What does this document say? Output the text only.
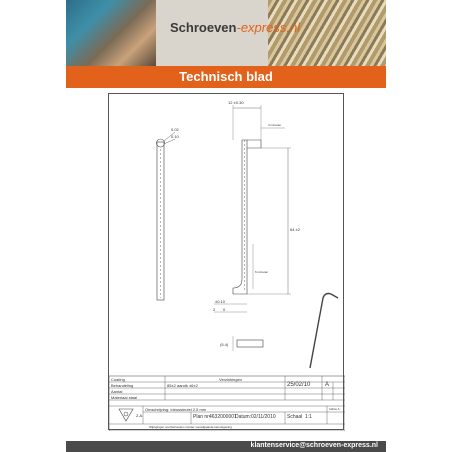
Schroeven-express.nl
Technisch blad
12 ±0.30
4 minuten
64 ±2
6 minuten
±0.10
2 0
(5.4)
0.02
0.10
Coating	Verzinkingen
Behandeling	85±2 aandk ±6±2	25/02/10 A
Aantal
Materiaal staal
Omschrijving: Inbussleutel 2.5 mm
Z.A.	Plan nr:
4632000001
Datum: 02/11/2010 Schaal 1:1
Indice A
Wijzigingen voorbehouden zonder voorafgaande kennisgeving
klantenservice@schroeven-express.nl
